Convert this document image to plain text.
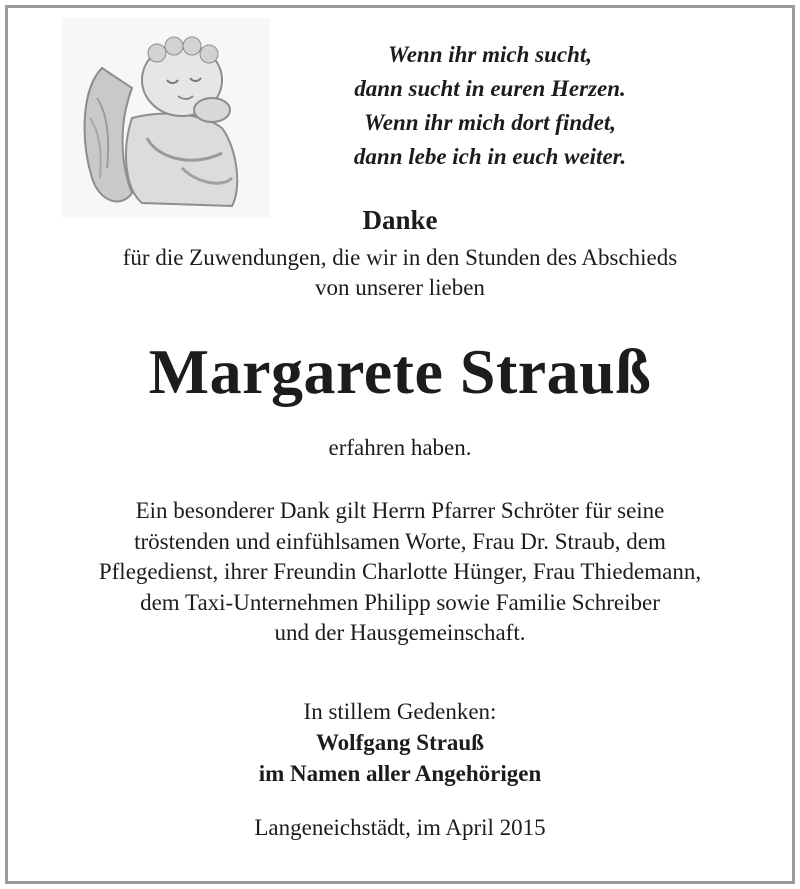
Wenn ihr mich sucht,
dann sucht in euren Herzen.
Wenn ihr mich dort findet,
dann lebe ich in euch weiter.
Danke
für die Zuwendungen, die wir in den Stunden des Abschieds
von unserer lieben
Margarete Strauß
erfahren haben.
Ein besonderer Dank gilt Herrn Pfarrer Schröter für seine
tröstenden und einfühlsamen Worte, Frau Dr. Straub, dem
Pflegedienst, ihrer Freundin Charlotte Hünger, Frau Thiedemann,
dem Taxi-Unternehmen Philipp sowie Familie Schreiber
und der Hausgemeinschaft.
In stillem Gedenken:
Wolfgang Strauß
im Namen aller Angehörigen
Langeneichstädt, im April 2015
